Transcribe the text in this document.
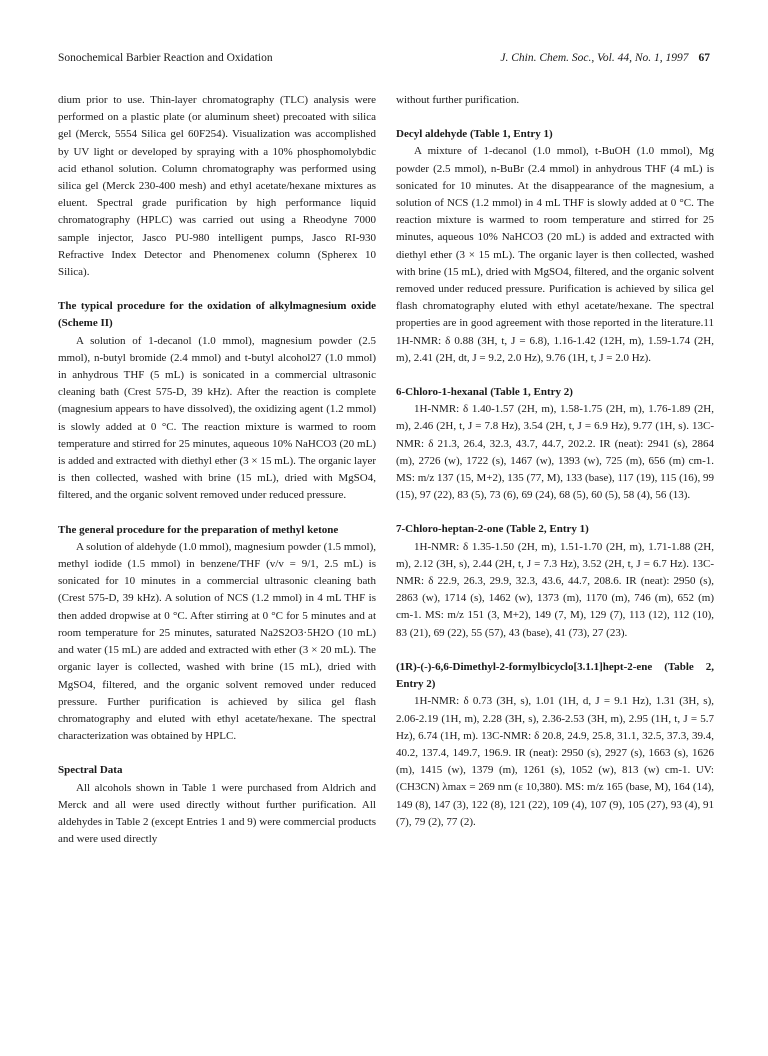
Sonochemical Barbier Reaction and Oxidation	J. Chin. Chem. Soc., Vol. 44, No. 1, 1997 67

dium prior to use. Thin-layer chromatography (TLC) analysis were performed on a plastic plate (or aluminum sheet) precoated with silica gel (Merck, 5554 Silica gel 60F254). Visualization was accomplished by UV light or developed by spraying with a 10% phosphomolybdic acid ethanol solution. Column chromatography was performed using silica gel (Merck 230-400 mesh) and ethyl acetate/hexane mixtures as eluent. Spectral grade purification by high performance liquid chromatography (HPLC) was carried out using a Rheodyne 7000 sample injector, Jasco PU-980 intelligent pumps, Jasco RI-930 Refractive Index Detector and Phenomenex column (Spherex 10 Silica).

The typical procedure for the oxidation of alkylmagnesium oxide (Scheme II)

A solution of 1-decanol (1.0 mmol), magnesium powder (2.5 mmol), n-butyl bromide (2.4 mmol) and t-butyl alcohol27 (1.0 mmol) in anhydrous THF (5 mL) is sonicated in a commercial ultrasonic cleaning bath (Crest 575-D, 39 kHz). After the reaction is complete (magnesium appears to have dissolved), the oxidizing agent (1.2 mmol) is slowly added at 0 °C. The reaction mixture is warmed to room temperature and stirred for 25 minutes, aqueous 10% NaHCO3 (20 mL) is added and extracted with diethyl ether (3 × 15 mL). The organic layer is then collected, washed with brine (15 mL), dried with MgSO4, filtered, and the organic solvent removed under reduced pressure.

The general procedure for the preparation of methyl ketone

A solution of aldehyde (1.0 mmol), magnesium powder (1.5 mmol), methyl iodide (1.5 mmol) in benzene/THF (v/v = 9/1, 2.5 mL) is sonicated for 10 minutes in a commercial ultrasonic cleaning bath (Crest 575-D, 39 kHz). A solution of NCS (1.2 mmol) in 4 mL THF is then added dropwise at 0 °C. After stirring at 0 °C for 5 minutes and at room temperature for 25 minutes, saturated Na2S2O3·5H2O (10 mL) and water (15 mL) are added and extracted with ether (3 × 20 mL). The organic layer is collected, washed with brine (15 mL), dried with MgSO4, filtered, and the organic solvent removed under reduced pressure. Further purification is achieved by silica gel flash chromatography and eluted with ethyl acetate/hexane. The spectral characterization was obtained by HPLC.

Spectral Data

All alcohols shown in Table 1 were purchased from Aldrich and Merck and all were used directly without further purification. All aldehydes in Table 2 (except Entries 1 and 9) were commercial products and were used directly

without further purification.

Decyl aldehyde (Table 1, Entry 1)

A mixture of 1-decanol (1.0 mmol), t-BuOH (1.0 mmol), Mg powder (2.5 mmol), n-BuBr (2.4 mmol) in anhydrous THF (4 mL) is sonicated for 10 minutes. At the disappearance of the magnesium, a solution of NCS (1.2 mmol) in 4 mL THF is slowly added at 0 °C. The reaction mixture is warmed to room temperature and stirred for 25 minutes, aqueous 10% NaHCO3 (20 mL) is added and extracted with diethyl ether (3 × 15 mL). The organic layer is then collected, washed with brine (15 mL), dried with MgSO4, filtered, and the organic solvent removed under reduced pressure. Purification is achieved by silica gel flash chromatography eluted with ethyl acetate/hexane. The spectral properties are in good agreement with those reported in the literature.11 1H-NMR: δ 0.88 (3H, t, J = 6.8), 1.16-1.42 (12H, m), 1.59-1.74 (2H, m), 2.41 (2H, dt, J = 9.2, 2.0 Hz), 9.76 (1H, t, J = 2.0 Hz).

6-Chloro-1-hexanal (Table 1, Entry 2)

1H-NMR: δ 1.40-1.57 (2H, m), 1.58-1.75 (2H, m), 1.76-1.89 (2H, m), 2.46 (2H, t, J = 7.8 Hz), 3.54 (2H, t, J = 6.9 Hz), 9.77 (1H, s). 13C-NMR: δ 21.3, 26.4, 32.3, 43.7, 44.7, 202.2. IR (neat): 2941 (s), 2864 (m), 2726 (w), 1722 (s), 1467 (w), 1393 (w), 725 (m), 656 (m) cm-1. MS: m/z 137 (15, M+2), 135 (77, M), 133 (base), 117 (19), 115 (16), 99 (15), 97 (22), 83 (5), 73 (6), 69 (24), 68 (5), 60 (5), 58 (4), 56 (13).

7-Chloro-heptan-2-one (Table 2, Entry 1)

1H-NMR: δ 1.35-1.50 (2H, m), 1.51-1.70 (2H, m), 1.71-1.88 (2H, m), 2.12 (3H, s), 2.44 (2H, t, J = 7.3 Hz), 3.52 (2H, t, J = 6.7 Hz). 13C-NMR: δ 22.9, 26.3, 29.9, 32.3, 43.6, 44.7, 208.6. IR (neat): 2950 (s), 2863 (w), 1714 (s), 1462 (w), 1373 (m), 1170 (m), 746 (m), 652 (m) cm-1. MS: m/z 151 (3, M+2), 149 (7, M), 129 (7), 113 (12), 112 (10), 83 (21), 69 (22), 55 (57), 43 (base), 41 (73), 27 (23).

(1R)-(-)-6,6-Dimethyl-2-formylbicyclo[3.1.1]hept-2-ene (Table 2, Entry 2)

1H-NMR: δ 0.73 (3H, s), 1.01 (1H, d, J = 9.1 Hz), 1.31 (3H, s), 2.06-2.19 (1H, m), 2.28 (3H, s), 2.36-2.53 (3H, m), 2.95 (1H, t, J = 5.7 Hz), 6.74 (1H, m). 13C-NMR: δ 20.8, 24.9, 25.8, 31.1, 32.5, 37.3, 39.4, 40.2, 137.4, 149.7, 196.9. IR (neat): 2950 (s), 2927 (s), 1663 (s), 1626 (m), 1415 (w), 1379 (m), 1261 (s), 1052 (w), 813 (w) cm-1. UV: (CH3CN) λmax = 269 nm (ε 10,380). MS: m/z 165 (base, M), 164 (14), 149 (8), 147 (3), 122 (8), 121 (22), 109 (4), 107 (9), 105 (27), 93 (4), 91 (7), 79 (2), 77 (2).
